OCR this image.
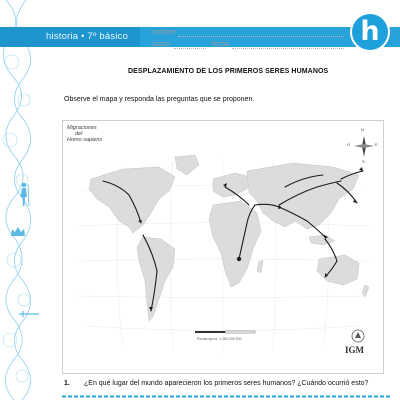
historia • 7º básico	nombre
curso	fecha	h
DESPLAZAMIENTO DE LOS PRIMEROS SERES HUMANOS
Observe el mapa y responda las preguntas que se proponen.
Migraciones
del
Homo sapiens
Escala aprox. 1:180.000.000
N
S
E
O
IGM
1. ¿En qué lugar del mundo aparecieron los primeros seres humanos? ¿Cuándo ocurrió esto?
